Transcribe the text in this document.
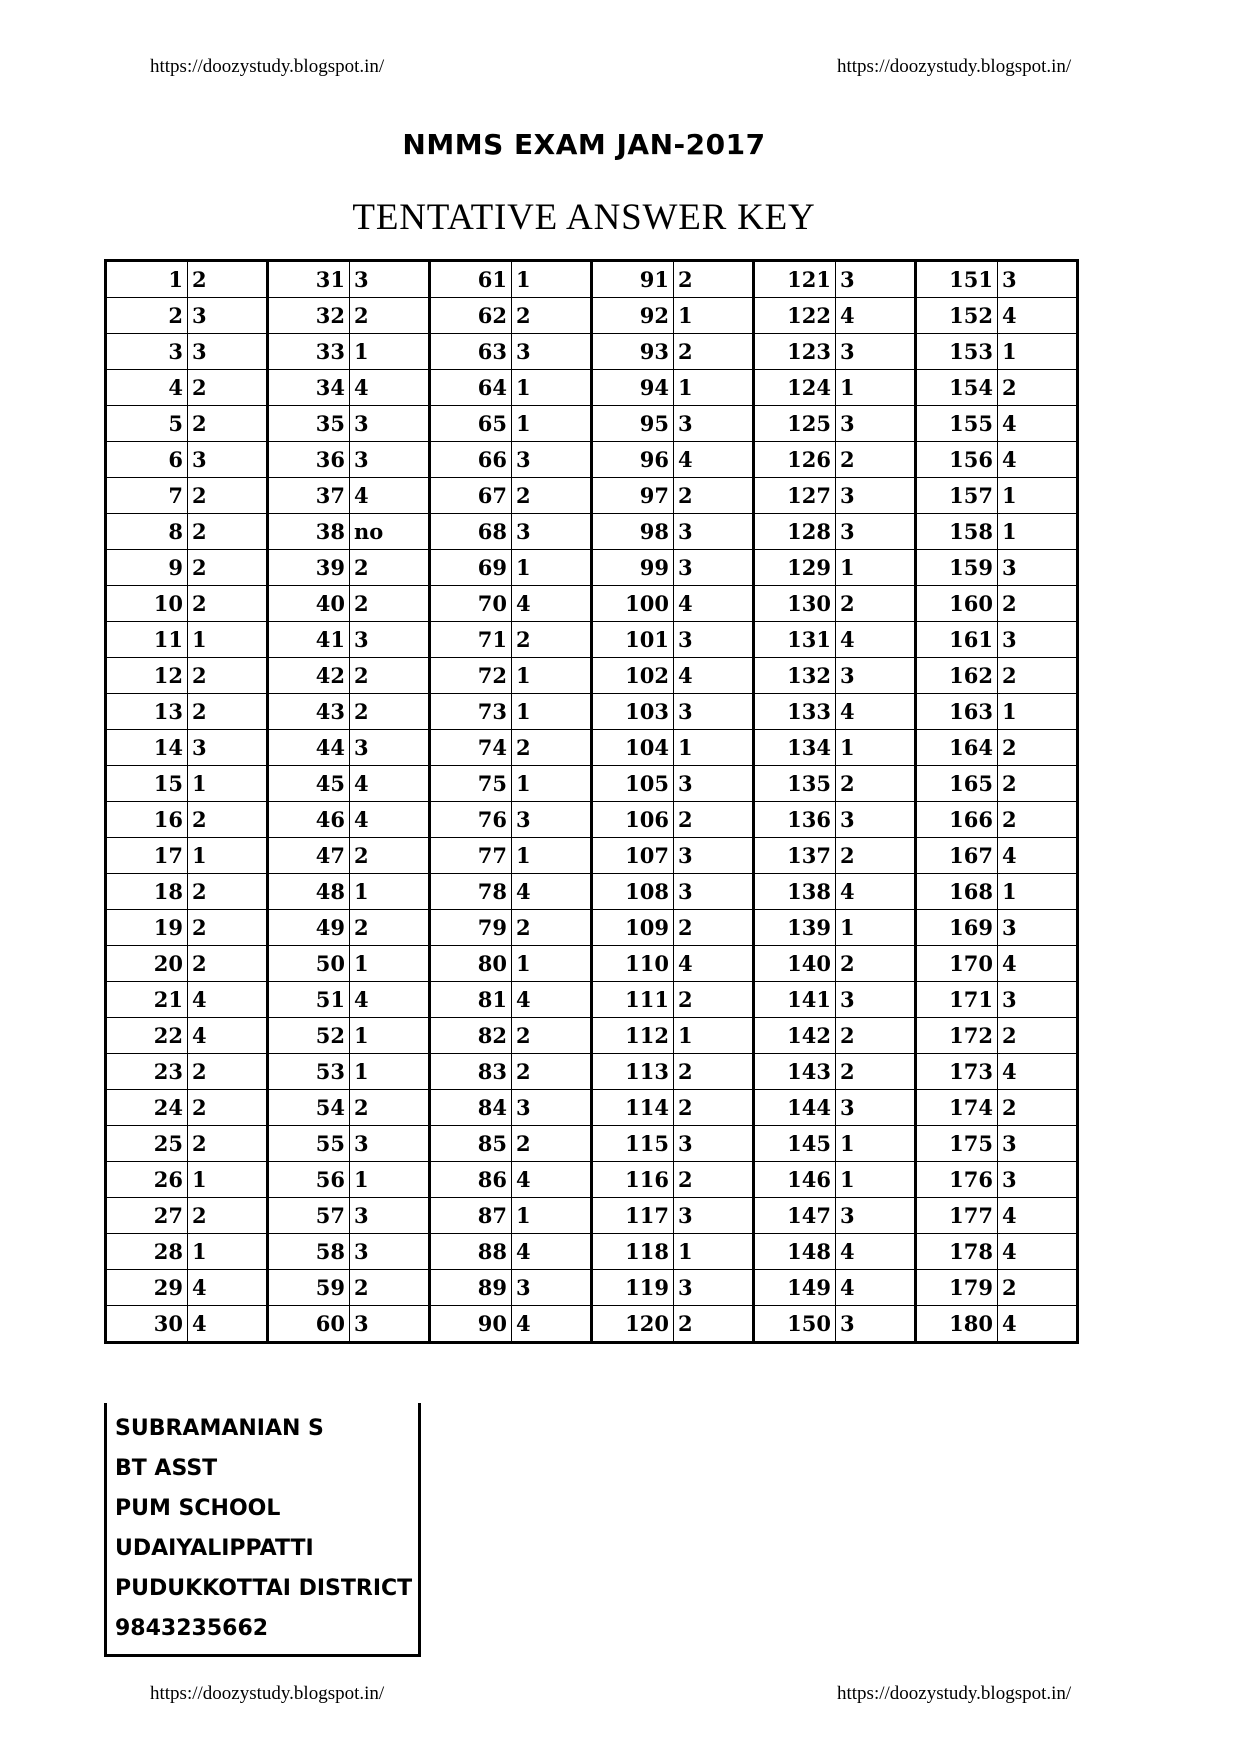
https://doozystudy.blogspot.in/	https://doozystudy.blogspot.in/
NMMS EXAM JAN-2017
TENTATIVE ANSWER KEY
1	2	31	3	61	1	91	2	121	3	151	3
2	3	32	2	62	2	92	1	122	4	152	4
3	3	33	1	63	3	93	2	123	3	153	1
4	2	34	4	64	1	94	1	124	1	154	2
5	2	35	3	65	1	95	3	125	3	155	4
6	3	36	3	66	3	96	4	126	2	156	4
7	2	37	4	67	2	97	2	127	3	157	1
8	2	38	no	68	3	98	3	128	3	158	1
9	2	39	2	69	1	99	3	129	1	159	3
10	2	40	2	70	4	100	4	130	2	160	2
11	1	41	3	71	2	101	3	131	4	161	3
12	2	42	2	72	1	102	4	132	3	162	2
13	2	43	2	73	1	103	3	133	4	163	1
14	3	44	3	74	2	104	1	134	1	164	2
15	1	45	4	75	1	105	3	135	2	165	2
16	2	46	4	76	3	106	2	136	3	166	2
17	1	47	2	77	1	107	3	137	2	167	4
18	2	48	1	78	4	108	3	138	4	168	1
19	2	49	2	79	2	109	2	139	1	169	3
20	2	50	1	80	1	110	4	140	2	170	4
21	4	51	4	81	4	111	2	141	3	171	3
22	4	52	1	82	2	112	1	142	2	172	2
23	2	53	1	83	2	113	2	143	2	173	4
24	2	54	2	84	3	114	2	144	3	174	2
25	2	55	3	85	2	115	3	145	1	175	3
26	1	56	1	86	4	116	2	146	1	176	3
27	2	57	3	87	1	117	3	147	3	177	4
28	1	58	3	88	4	118	1	148	4	178	4
29	4	59	2	89	3	119	3	149	4	179	2
30	4	60	3	90	4	120	2	150	3	180	4
SUBRAMANIAN S
BT ASST
PUM SCHOOL
UDAIYALIPPATTI
PUDUKKOTTAI DISTRICT
9843235662
https://doozystudy.blogspot.in/	https://doozystudy.blogspot.in/
